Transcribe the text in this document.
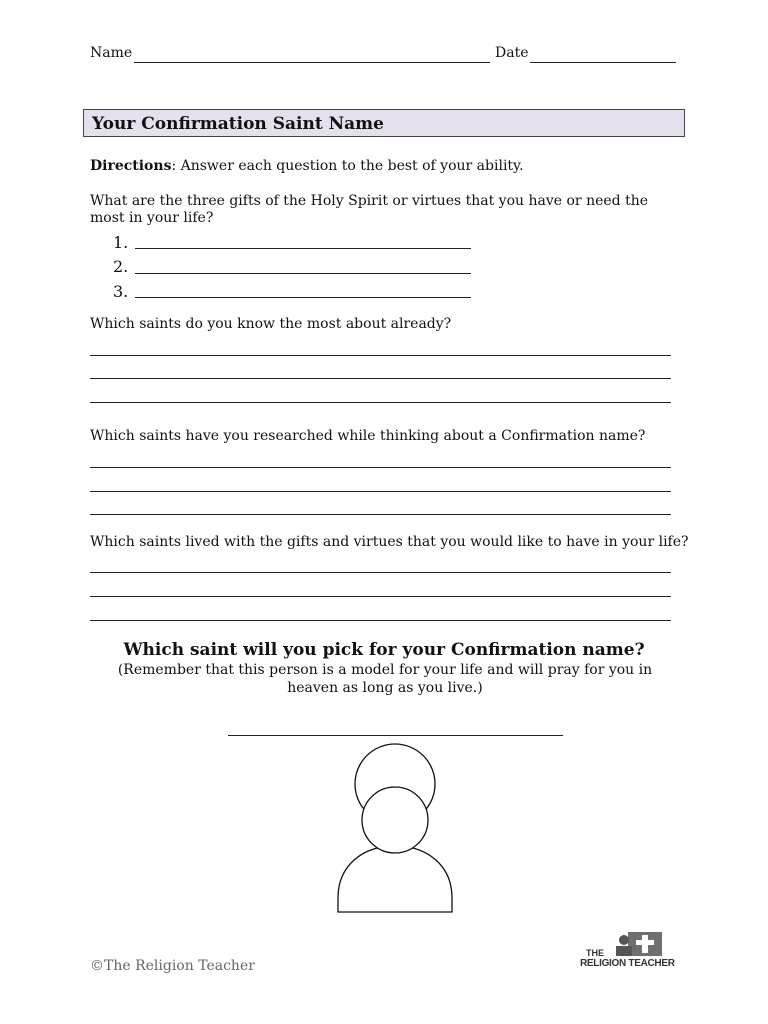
Name	Date
Your Confirmation Saint Name
Directions: Answer each question to the best of your ability.
What are the three gifts of the Holy Spirit or virtues that you have or need the most in your life?
1.
2.
3.
Which saints do you know the most about already?
Which saints have you researched while thinking about a Confirmation name?
Which saints lived with the gifts and virtues that you would like to have in your life?
Which saint will you pick for your Confirmation name?
(Remember that this person is a model for your life and will pray for you in heaven as long as you live.)
©The Religion Teacher
THE
RELIGION TEACHER
